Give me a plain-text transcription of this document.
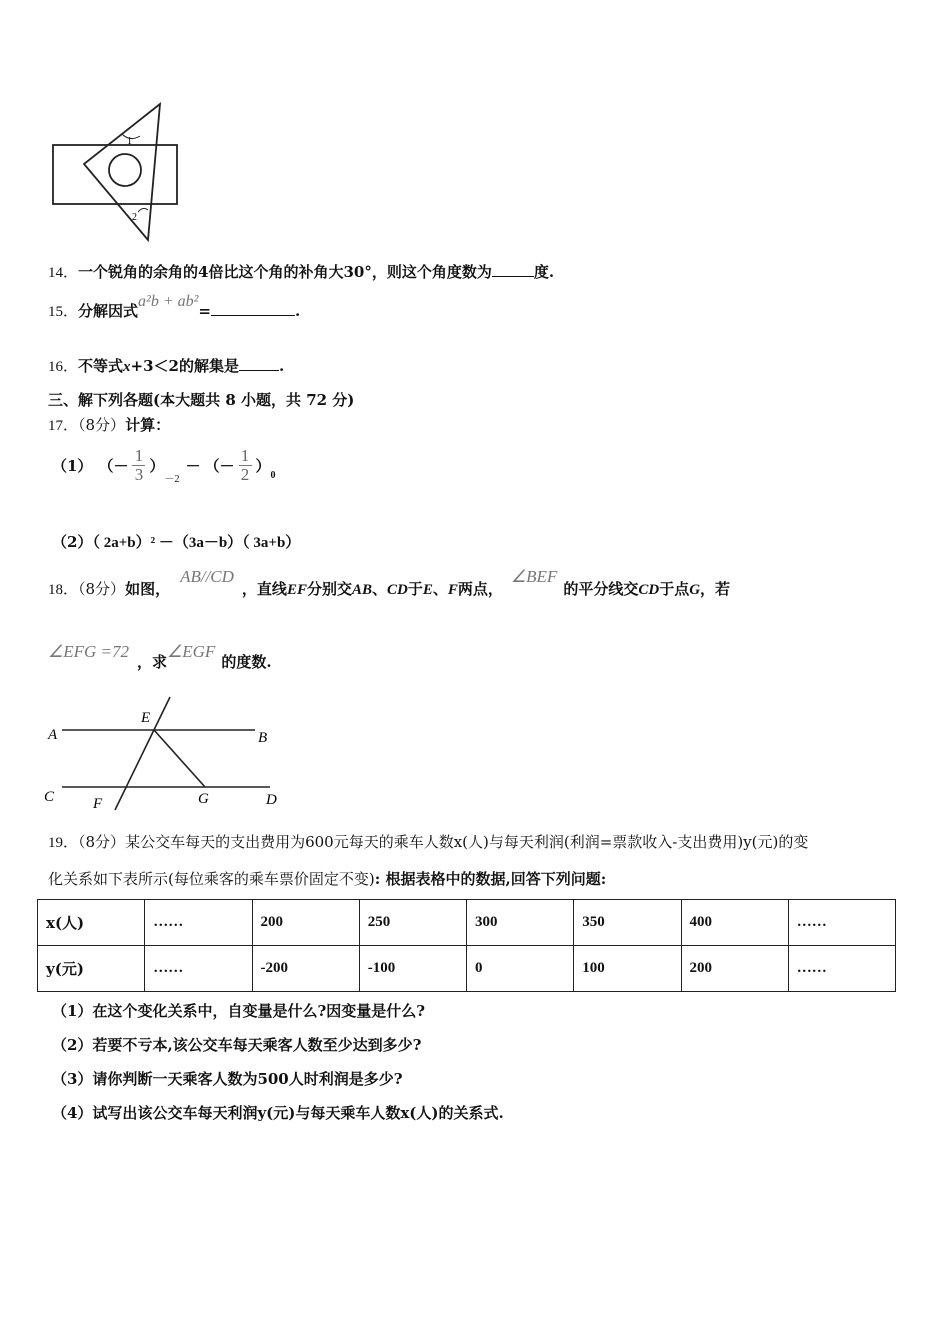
1
2
14．一个锐角的余角的4倍比这个角的补角大30°，则这个角度数为	度.
15．分解因式a²b + ab²=	.
16．不等式x+3＜2的解集是	.
三、解下列各题(本大题共 8 小题，共 72 分)
17．（8分）计算：
（1） （－ $\frac{1}{3}$ ）
$_{-2}$
－ （－ $\frac{1}{2}$ ）
$_0$
（2）（ 2a+b）² －（3a－b）（ 3a+b）
18．（8分）如图，AB//CD，直线EF分别交AB、CD于E、F两点，∠BEF的平分线交CD于点G，若
∠EFG =72，求∠EGF的度数.
A	B
C	D
E
F	G
19．（8分）某公交车每天的支出费用为600元每天的乘车人数x(人)与每天利润(利润=票款收入-支出费用)y(元)的变
化关系如下表所示(每位乘客的乘车票价固定不变): 根据表格中的数据,回答下列问题:
x(人)	……	200	250	300	350	400	……
y(元)	……	-200	-100	0	100	200	……
（1）在这个变化关系中，自变量是什么?因变量是什么?
（2）若要不亏本,该公交车每天乘客人数至少达到多少?
（3）请你判断一天乘客人数为500人时利润是多少?
（4）试写出该公交车每天利润y(元)与每天乘车人数x(人)的关系式.
